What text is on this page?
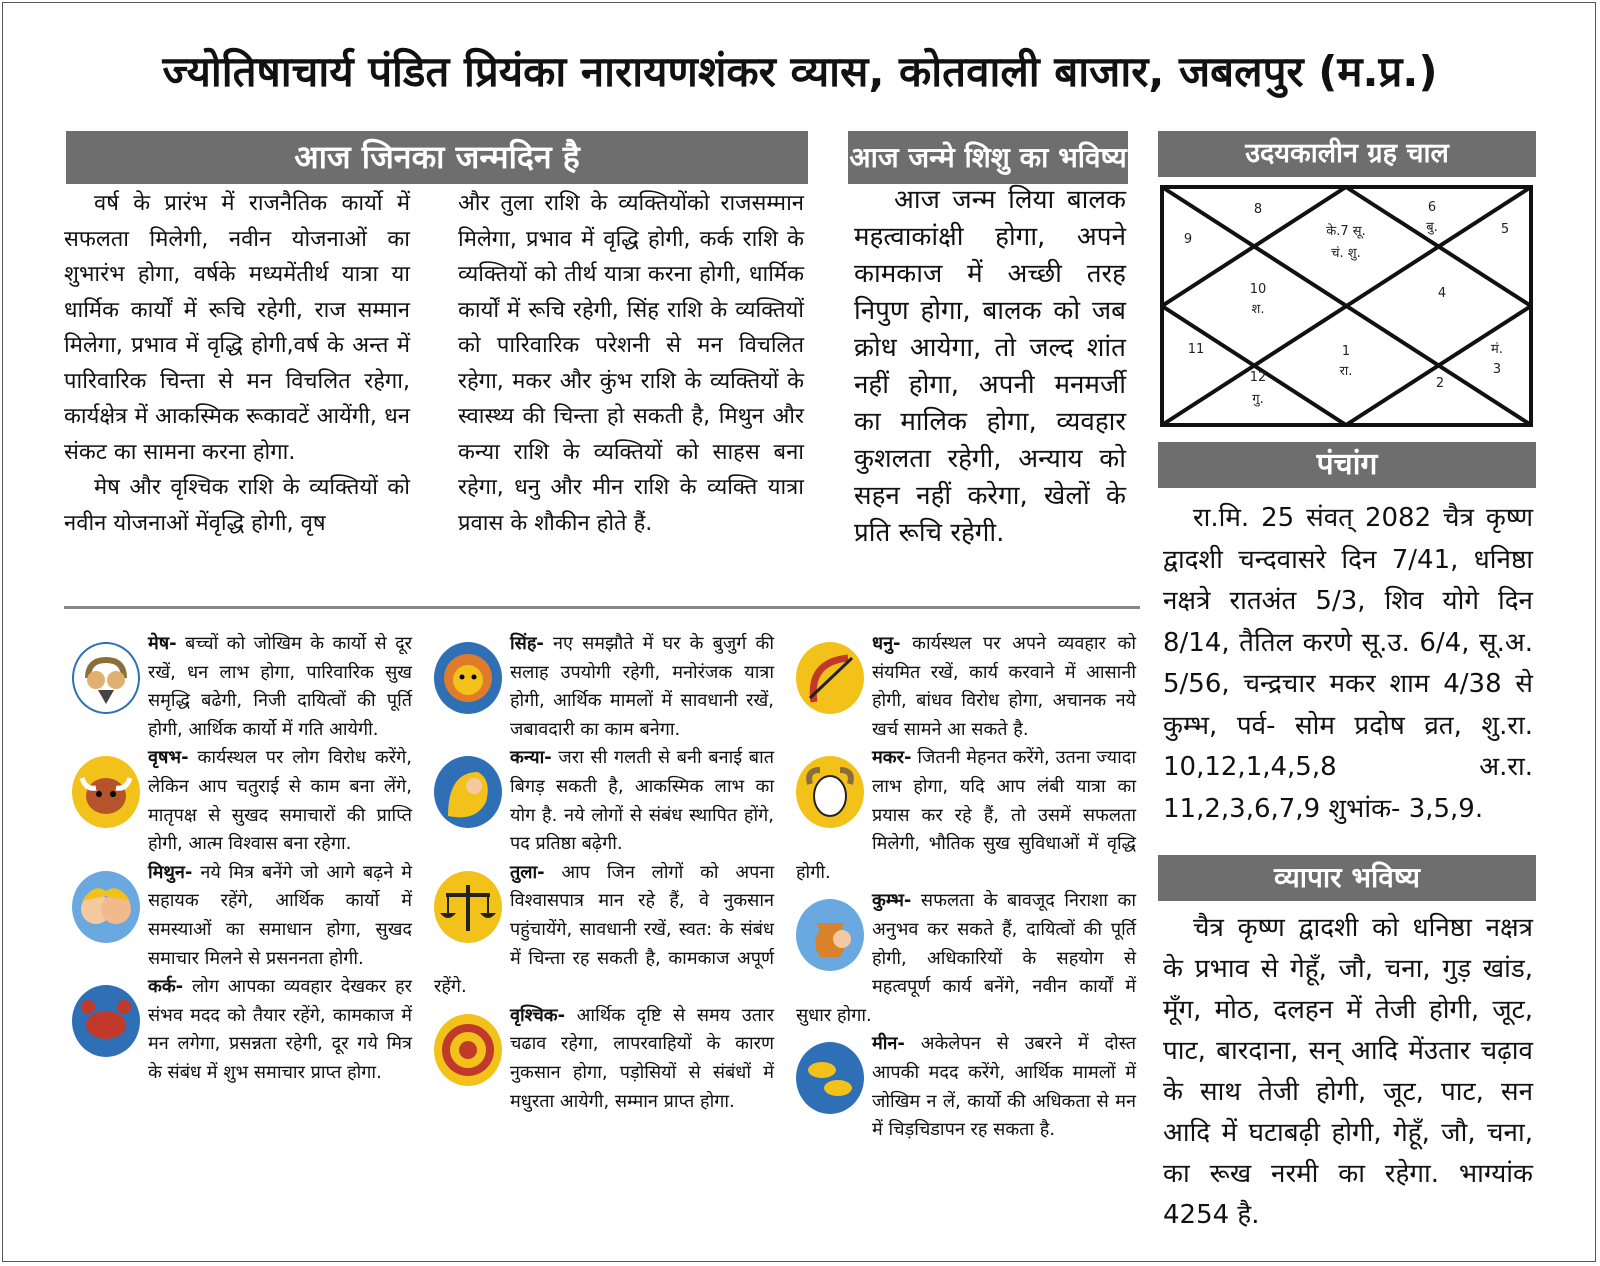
ज्योतिषाचार्य पंडित प्रियंका नारायणशंकर व्यास, कोतवाली बाजार, जबलपुर (म.प्र.)
आज जिनका जन्मदिन है

वर्ष के प्रारंभ में राजनैतिक कार्यो में सफलता मिलेगी, नवीन योजनाओं का शुभारंभ होगा, वर्षके मध्यमेंतीर्थ यात्रा या धार्मिक कार्यों में रूचि रहेगी, राज सम्मान मिलेगा, प्रभाव में वृद्धि होगी,वर्ष के अन्त में पारिवारिक चिन्ता से मन विचलित रहेगा, कार्यक्षेत्र में आकस्मिक रूकावटें आयेंगी, धन संकट का सामना करना होगा.

मेष और वृश्चिक राशि के व्यक्तियों को नवीन योजनाओं मेंवृद्धि होगी, वृष

और तुला राशि के व्यक्तियोंको राजसम्मान मिलेगा, प्रभाव में वृद्धि होगी, कर्क राशि के व्यक्तियों को तीर्थ यात्रा करना होगी, धार्मिक कार्यों में रूचि रहेगी, सिंह राशि के व्यक्तियों को पारिवारिक परेशनी से मन विचलित रहेगा, मकर और कुंभ राशि के व्यक्तियों के स्वास्थ्य की चिन्ता हो सकती है, मिथुन और कन्या राशि के व्यक्तियों को साहस बना रहेगा, धनु और मीन राशि के व्यक्ति यात्रा प्रवास के शौकीन होते हैं.

आज जन्मे शिशु का भविष्य

आज जन्म लिया बालक महत्वाकांक्षी होगा, अपने कामकाज में अच्छी तरह निपुण होगा, बालक को जब क्रोध आयेगा, तो जल्द शांत नहीं होगा, अपनी मनमर्जी का मालिक होगा, व्यवहार कुशलता रहेगी, अन्याय को सहन नहीं करेगा, खेलों के प्रति रूचि रहेगी.

उदयकालीन ग्रह चाल
8	6
बु.
9
5
के.7 सू.
चं. शु.
10
श.
4
11	1
रा.
मं.
3
12
गु.
2
पंचांग

रा.मि. 25 संवत् 2082 चैत्र कृष्ण द्वादशी चन्दवासरे दिन 7/41, धनिष्ठा नक्षत्रे रातअंत 5/3, शिव योगे दिन 8/14, तैतिल करणे सू.उ. 6/4, सू.अ. 5/56, चन्द्रचार मकर शाम 4/38 से कुम्भ, पर्व- सोम प्रदोष व्रत, शु.रा. 10,12,1,4,5,8 अ.रा. 11,2,3,6,7,9 शुभांक- 3,5,9.

व्यापार भविष्य

चैत्र कृष्ण द्वादशी को धनिष्ठा नक्षत्र के प्रभाव से गेहूँ, जौ, चना, गुड़ खांड, मूँग, मोठ, दलहन में तेजी होगी, जूट, पाट, बारदाना, सन् आदि मेंउतार चढ़ाव के साथ तेजी होगी, जूट, पाट, सन आदि में घटाबढ़ी होगी, गेहूँ, जौ, चना, का रूख नरमी का रहेगा. भाग्यांक 4254 है.

मेष- बच्चों को जोखिम के कार्यो से दूर रखें, धन लाभ होगा, पारिवारिक सुख समृद्धि बढेगी, निजी दायित्वों की पूर्ति होगी, आर्थिक कार्यो में गति आयेगी.
वृषभ- कार्यस्थल पर लोग विरोध करेंगे, लेकिन आप चतुराई से काम बना लेंगे, मातृपक्ष से सुखद समाचारों की प्राप्ति होगी, आत्म विश्वास बना रहेगा.
मिथुन- नये मित्र बनेंगे जो आगे बढ़ने मे सहायक रहेंगे, आर्थिक कार्यो में समस्याओं का समाधान होगा, सुखद समाचार मिलने से प्रसननता होगी.
कर्क- लोग आपका व्यवहार देखकर हर संभव मदद को तैयार रहेंगे, कामकाज में मन लगेगा, प्रसन्नता रहेगी, दूर गये मित्र के संबंध में शुभ समाचार प्राप्त होगा.
सिंह- नए समझौते में घर के बुजुर्ग की सलाह उपयोगी रहेगी, मनोरंजक यात्रा होगी, आर्थिक मामलों में सावधानी रखें, जबावदारी का काम बनेगा.
कन्या- जरा सी गलती से बनी बनाई बात बिगड़ सकती है, आकस्मिक लाभ का योग है. नये लोगों से संबंध स्थापित होंगे, पद प्रतिष्ठा बढ़ेगी.
तुला- आप जिन लोगों को अपना विश्वासपात्र मान रहे हैं, वे नुकसान पहुंचायेंगे, सावधानी रखें, स्वत: के संबंध में चिन्ता रह सकती है, कामकाज अपूर्ण रहेंगे.
वृश्चिक- आर्थिक दृष्टि से समय उतार चढाव रहेगा, लापरवाहियों के कारण नुकसान होगा, पड़ोसियों से संबंधों में मधुरता आयेगी, सम्मान प्राप्त होगा.
धनु- कार्यस्थल पर अपने व्यवहार को संयमित रखें, कार्य करवाने में आसानी होगी, बांधव विरोध होगा, अचानक नये खर्च सामने आ सकते है.
मकर- जितनी मेहनत करेंगे, उतना ज्यादा लाभ होगा, यदि आप लंबी यात्रा का प्रयास कर रहे हैं, तो उसमें सफलता मिलेगी, भौतिक सुख सुविधाओं में वृद्धि होगी.
कुम्भ- सफलता के बावजूद निराशा का अनुभव कर सकते हैं, दायित्वों की पूर्ति होगी, अधिकारियों के सहयोग से महत्वपूर्ण कार्य बनेंगे, नवीन कार्यों में सुधार होगा.
मीन- अकेलेपन से उबरने में दोस्त आपकी मदद करेंगे, आर्थिक मामलों में जोखिम न लें, कार्यो की अधिकता से मन में चिड़चिडापन रह सकता है.
